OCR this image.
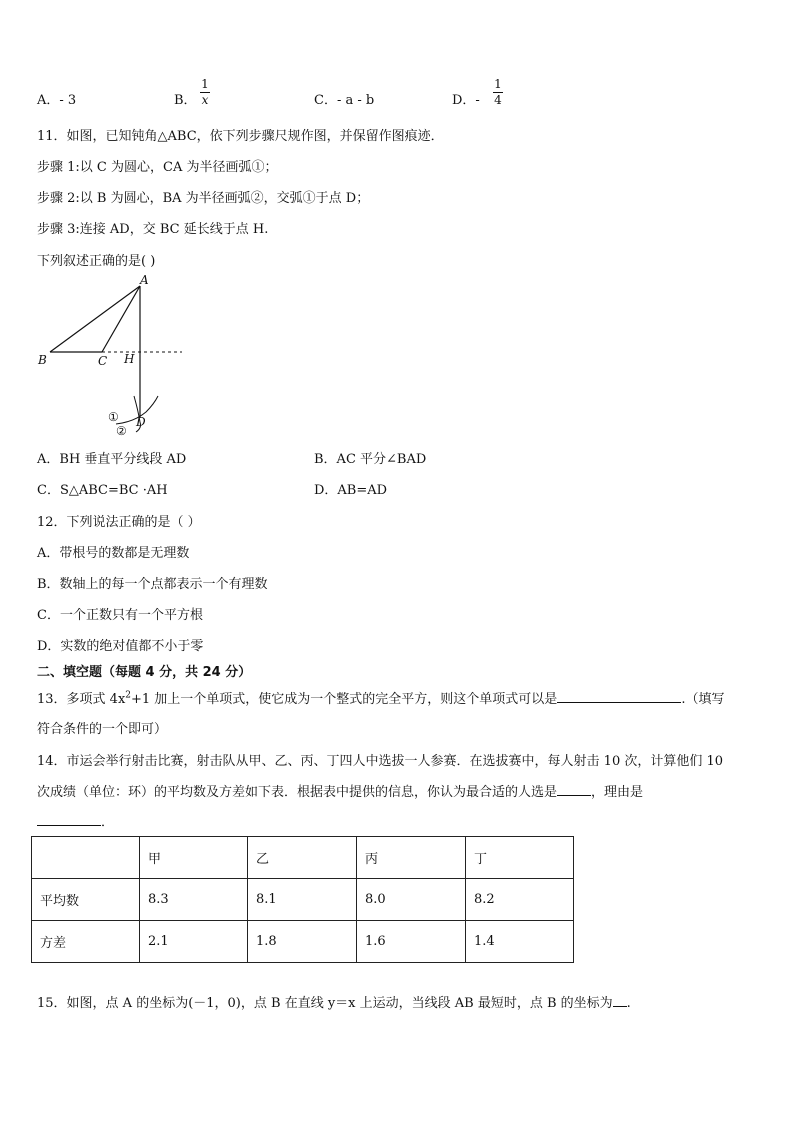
A．- 3	B．
1
x	C．- a - b	D．-
1
4
11．如图，已知钝角△ABC，依下列步骤尺规作图，并保留作图痕迹．
步骤 1:以 C 为圆心，CA 为半径画弧①；
步骤 2:以 B 为圆心，BA 为半径画弧②，交弧①于点 D；
步骤 3:连接 AD，交 BC 延长线于点 H.
下列叙述正确的是( )
A
B	C H
D
①
②
A．BH 垂直平分线段 AD	B．AC 平分∠BAD
C．S△ABC=BC ·AH	D．AB=AD
12．下列说法正确的是（ ）
A．带根号的数都是无理数
B．数轴上的每一个点都表示一个有理数
C．一个正数只有一个平方根
D．实数的绝对值都不小于零
二、填空题（每题 4 分，共 24 分）
13．多项式 $4x^2+1$ 加上一个单项式，使它成为一个整式的完全平方，则这个单项式可以是	.（填写
符合条件的一个即可）
14．市运会举行射击比赛，射击队从甲、乙、丙、丁四人中选拔一人参赛．在选拔赛中，每人射击 10 次，计算他们 10
次成绩（单位：环）的平均数及方差如下表．根据表中提供的信息，你认为最合适的人选是	，理由是
．
	甲	乙	丙	丁
平均数	8.3	8.1	8.0	8.2
方差	2.1	1.8	1.6	1.4
15．如图，点 A 的坐标为(－1，0)，点 B 在直线 y＝x 上运动，当线段 AB 最短时，点 B 的坐标为 .
